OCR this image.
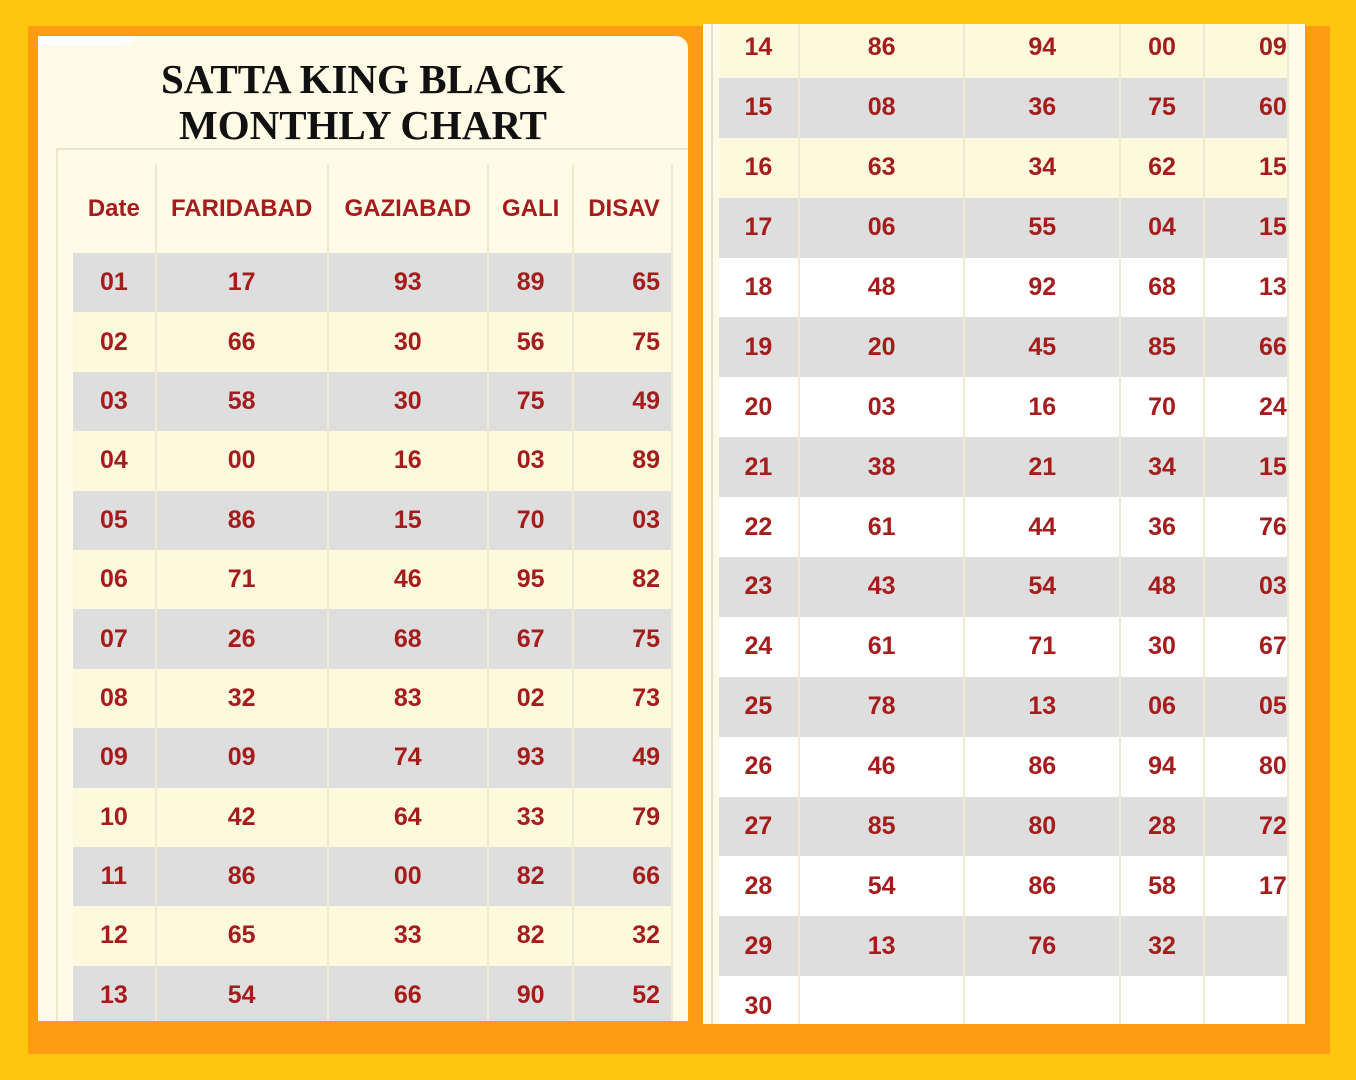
SATTA KING BLACK
MONTHLY CHART
Date	FARIDABAD	GAZIABAD	GALI	DISAV
01	17	93	89	65
02	66	30	56	75
03	58	30	75	49
04	00	16	03	89
05	86	15	70	03
06	71	46	95	82
07	26	68	67	75
08	32	83	02	73
09	09	74	93	49
10	42	64	33	79
11	86	00	82	66
12	65	33	82	32
13	54	66	90	52
14	86	94	00	09
15	08	36	75	60
16	63	34	62	15
17	06	55	04	15
18	48	92	68	13
19	20	45	85	66
20	03	16	70	24
21	38	21	34	15
22	61	44	36	76
23	43	54	48	03
24	61	71	30	67
25	78	13	06	05
26	46	86	94	80
27	85	80	28	72
28	54	86	58	17
29	13	76	32	
30				
